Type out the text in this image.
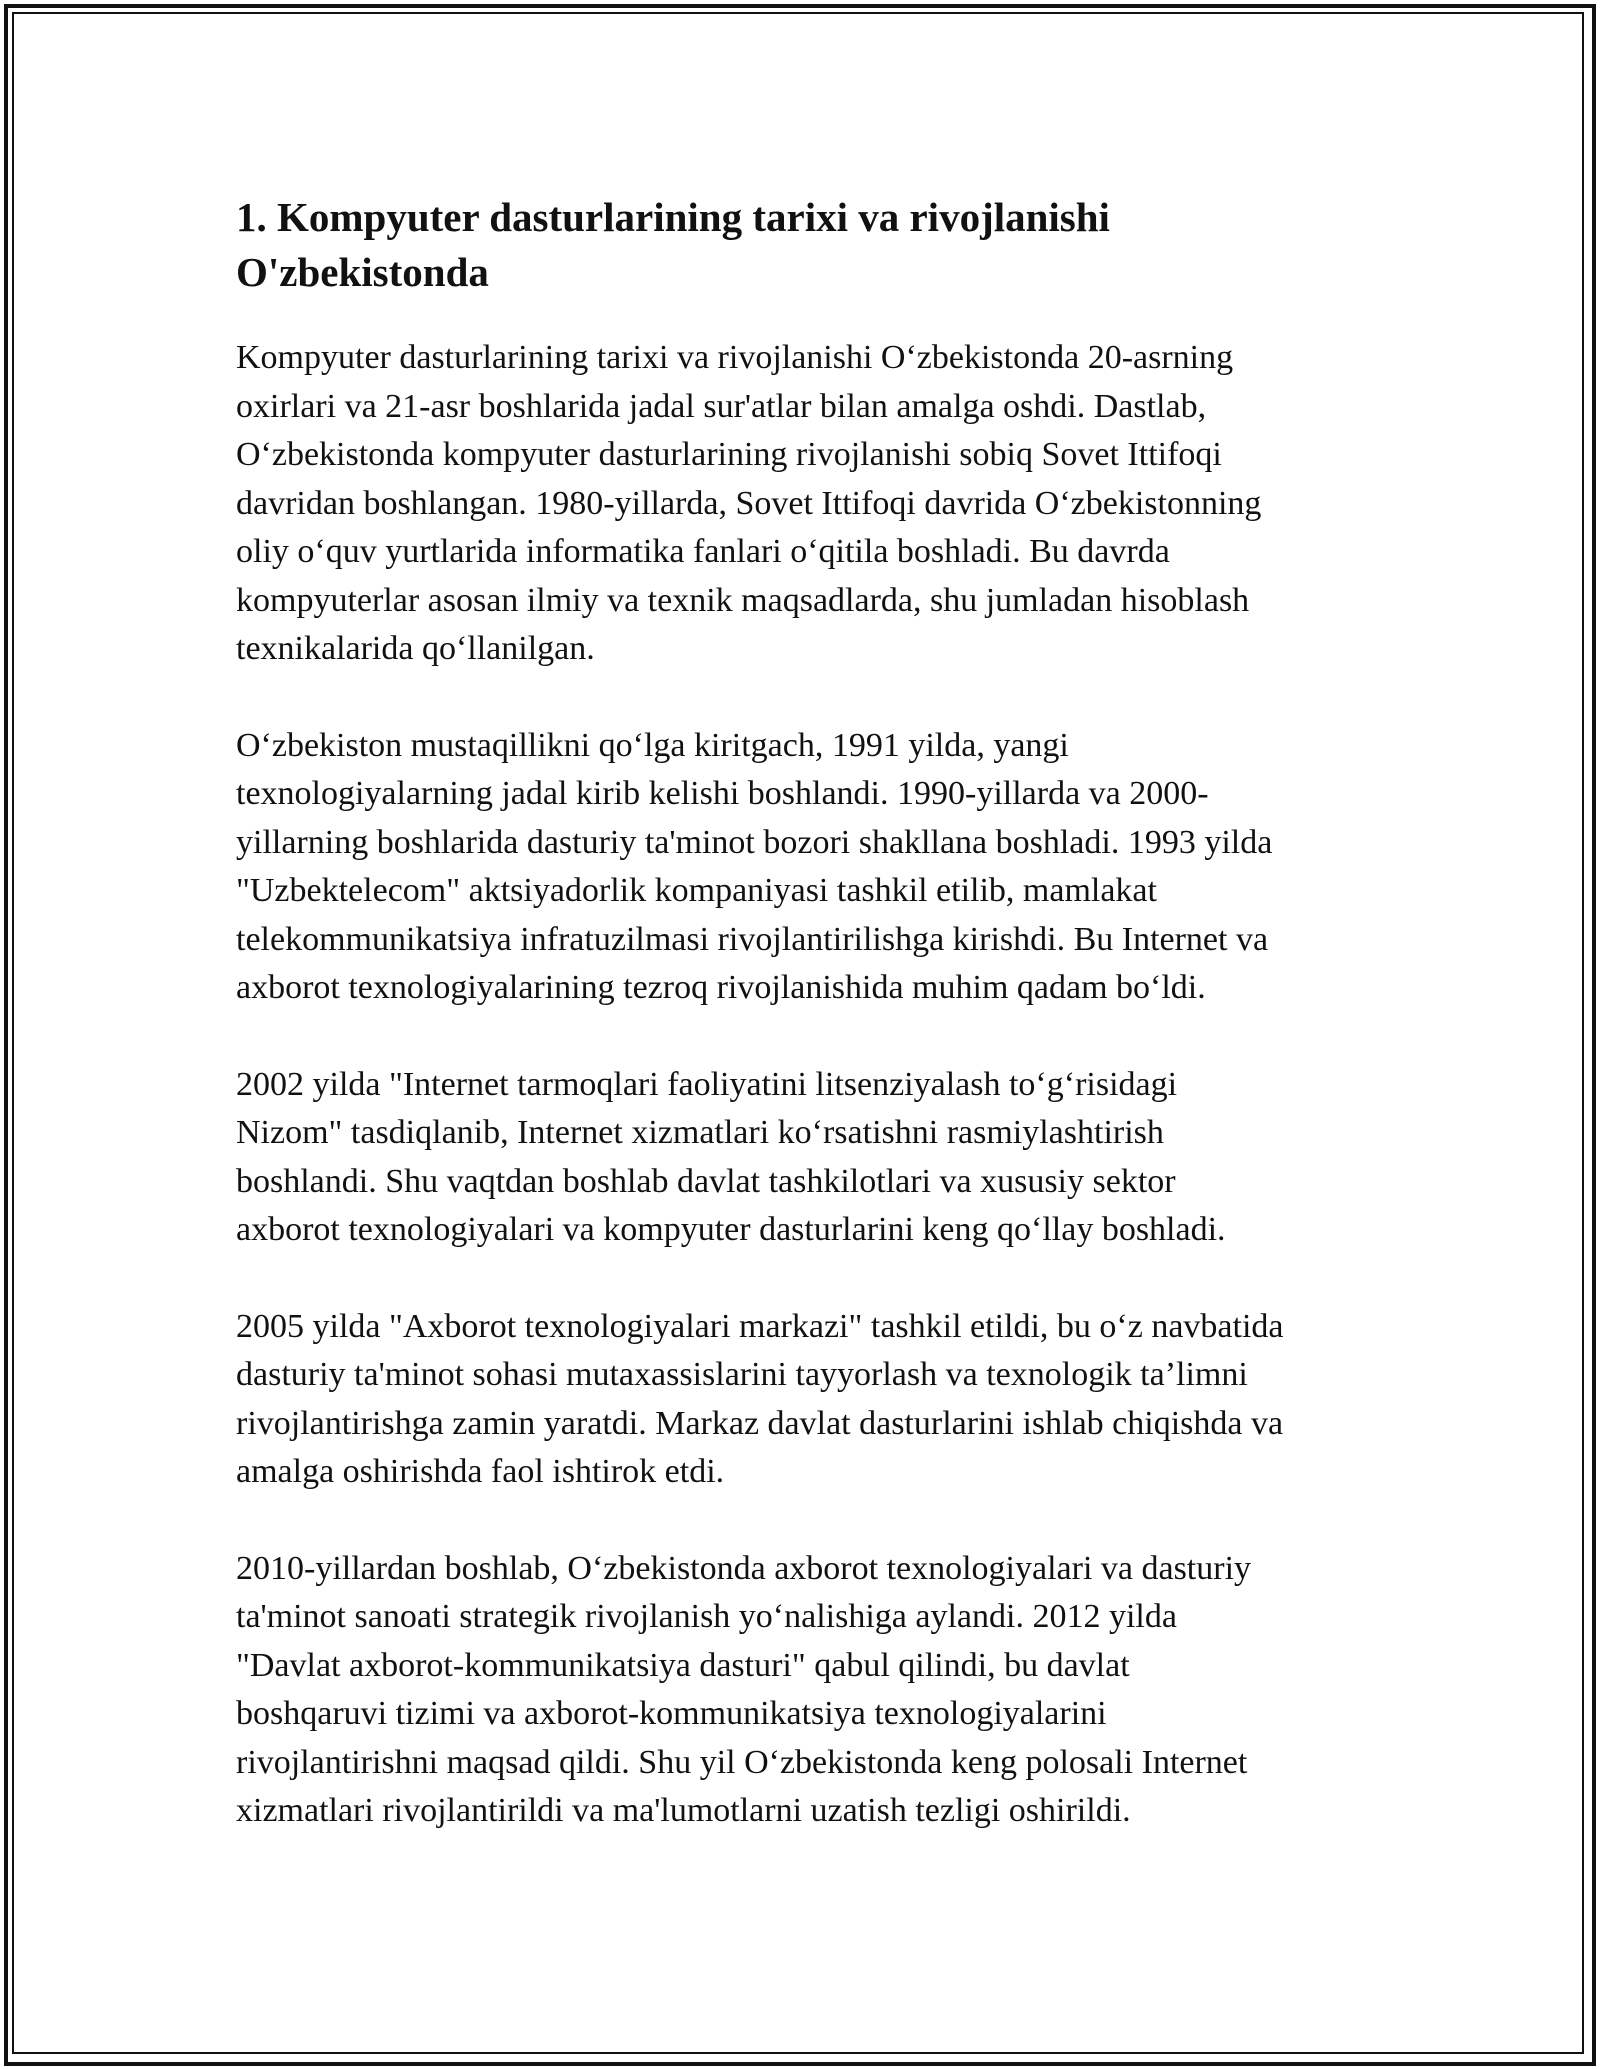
1. Kompyuter dasturlarining tarixi va rivojlanishi
O'zbekistonda

Kompyuter dasturlarining tarixi va rivojlanishi Oʻzbekistonda 20-asrning
oxirlari va 21-asr boshlarida jadal sur'atlar bilan amalga oshdi. Dastlab,
Oʻzbekistonda kompyuter dasturlarining rivojlanishi sobiq Sovet Ittifoqi
davridan boshlangan. 1980-yillarda, Sovet Ittifoqi davrida Oʻzbekistonning
oliy oʻquv yurtlarida informatika fanlari oʻqitila boshladi. Bu davrda
kompyuterlar asosan ilmiy va texnik maqsadlarda, shu jumladan hisoblash
texnikalarida qoʻllanilgan.

Oʻzbekiston mustaqillikni qoʻlga kiritgach, 1991 yilda, yangi
texnologiyalarning jadal kirib kelishi boshlandi. 1990-yillarda va 2000-
yillarning boshlarida dasturiy ta'minot bozori shakllana boshladi. 1993 yilda
"Uzbektelecom" aktsiyadorlik kompaniyasi tashkil etilib, mamlakat
telekommunikatsiya infratuzilmasi rivojlantirilishga kirishdi. Bu Internet va
axborot texnologiyalarining tezroq rivojlanishida muhim qadam boʻldi.

2002 yilda "Internet tarmoqlari faoliyatini litsenziyalash toʻgʻrisidagi
Nizom" tasdiqlanib, Internet xizmatlari koʻrsatishni rasmiylashtirish
boshlandi. Shu vaqtdan boshlab davlat tashkilotlari va xususiy sektor
axborot texnologiyalari va kompyuter dasturlarini keng qoʻllay boshladi.

2005 yilda "Axborot texnologiyalari markazi" tashkil etildi, bu oʻz navbatida
dasturiy ta'minot sohasi mutaxassislarini tayyorlash va texnologik ta’limni
rivojlantirishga zamin yaratdi. Markaz davlat dasturlarini ishlab chiqishda va
amalga oshirishda faol ishtirok etdi.

2010-yillardan boshlab, Oʻzbekistonda axborot texnologiyalari va dasturiy
ta'minot sanoati strategik rivojlanish yoʻnalishiga aylandi. 2012 yilda
"Davlat axborot-kommunikatsiya dasturi" qabul qilindi, bu davlat
boshqaruvi tizimi va axborot-kommunikatsiya texnologiyalarini
rivojlantirishni maqsad qildi. Shu yil Oʻzbekistonda keng polosali Internet
xizmatlari rivojlantirildi va ma'lumotlarni uzatish tezligi oshirildi.
